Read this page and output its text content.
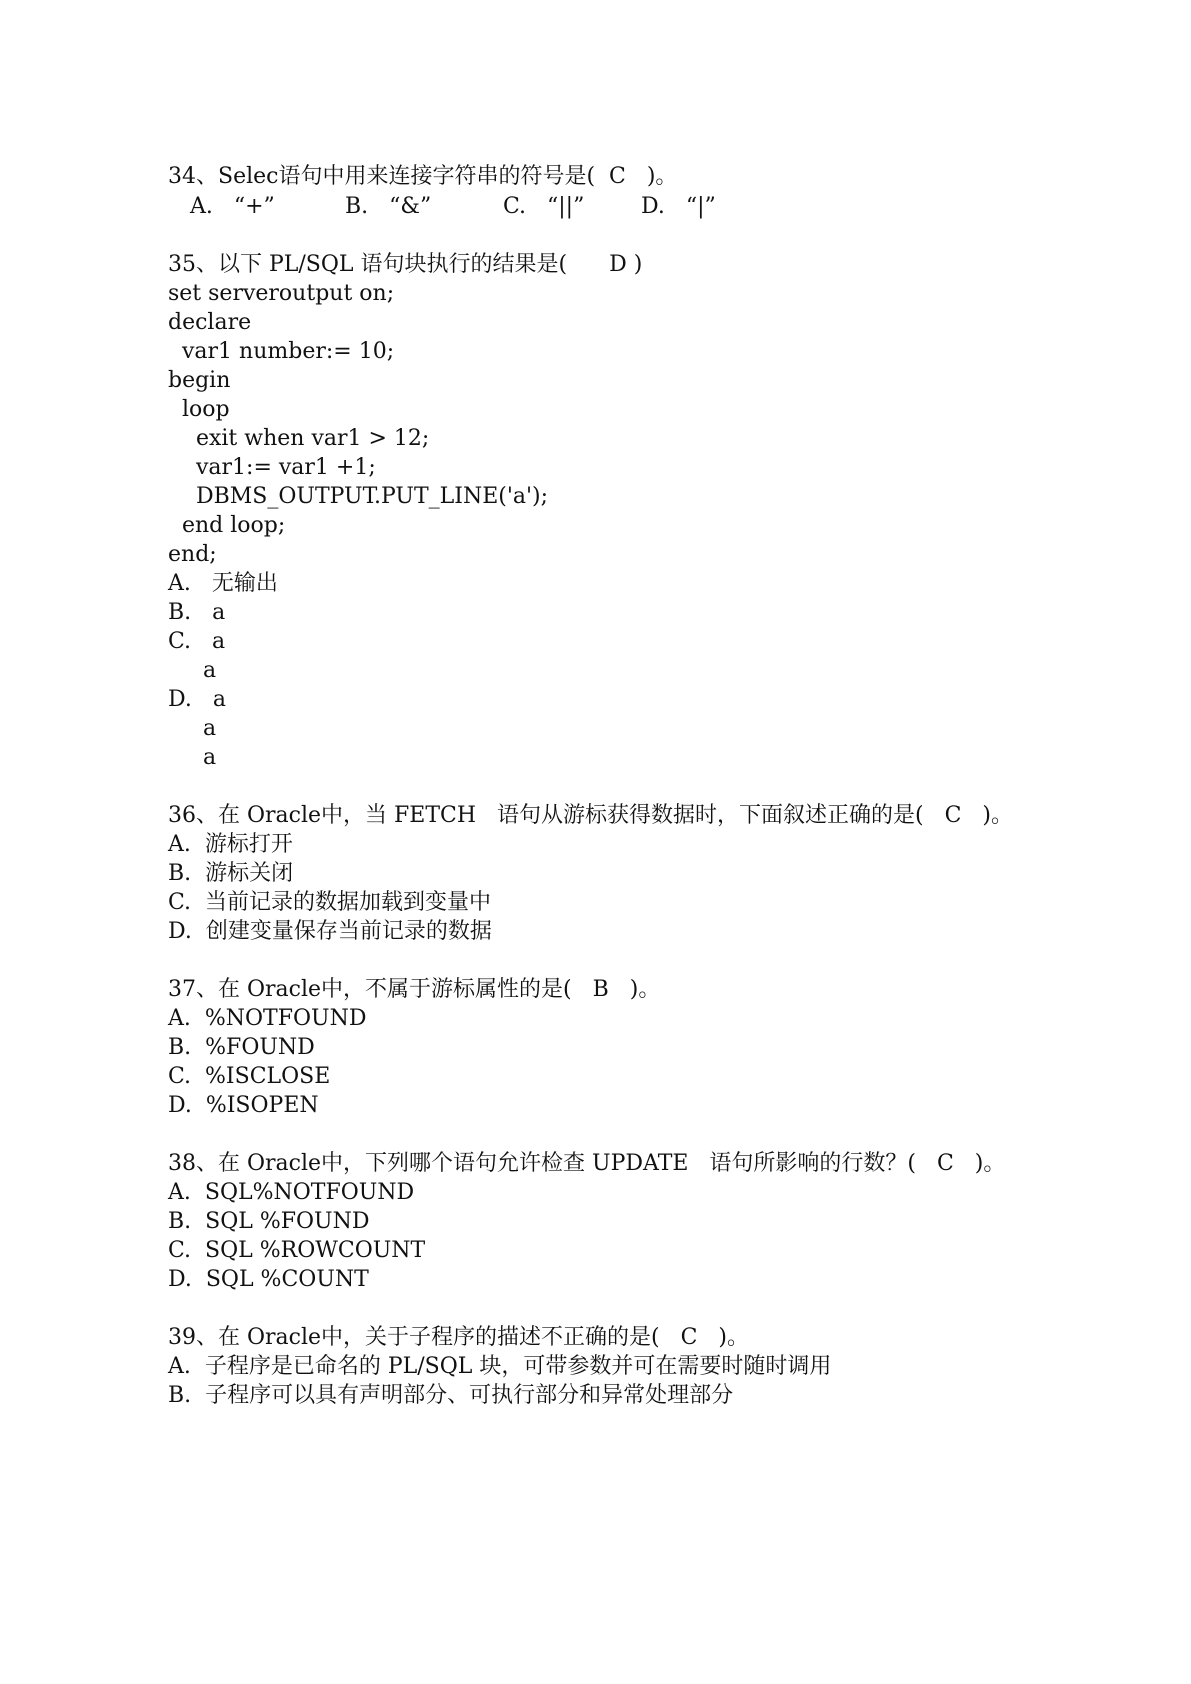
34、Selec语句中用来连接字符串的符号是(  C   )。
A.   “+”	B.   “&”	C.   “||”	D.   “|”
35、以下 PL/SQL 语句块执行的结果是(      D )
set serveroutput on;
declare
var1 number:= 10;
begin
loop
exit when var1 > 12;
var1:= var1 +1;
DBMS_OUTPUT.PUT_LINE('a');
end loop;
end;
A.   无输出
B.   a
C.   a
a
D.   a
a
a
36、在 Oracle中，当 FETCH   语句从游标获得数据时，下面叙述正确的是(   C   )。
A.  游标打开
B.  游标关闭
C.  当前记录的数据加载到变量中
D.  创建变量保存当前记录的数据
37、在 Oracle中，不属于游标属性的是(   B   )。
A.  %NOTFOUND
B.  %FOUND
C.  %ISCLOSE
D.  %ISOPEN
38、在 Oracle中，下列哪个语句允许检查 UPDATE   语句所影响的行数？(   C   )。
A.  SQL%NOTFOUND
B.  SQL %FOUND
C.  SQL %ROWCOUNT
D.  SQL %COUNT
39、在 Oracle中，关于子程序的描述不正确的是(   C   )。
A.  子程序是已命名的 PL/SQL 块，可带参数并可在需要时随时调用
B.  子程序可以具有声明部分、可执行部分和异常处理部分
